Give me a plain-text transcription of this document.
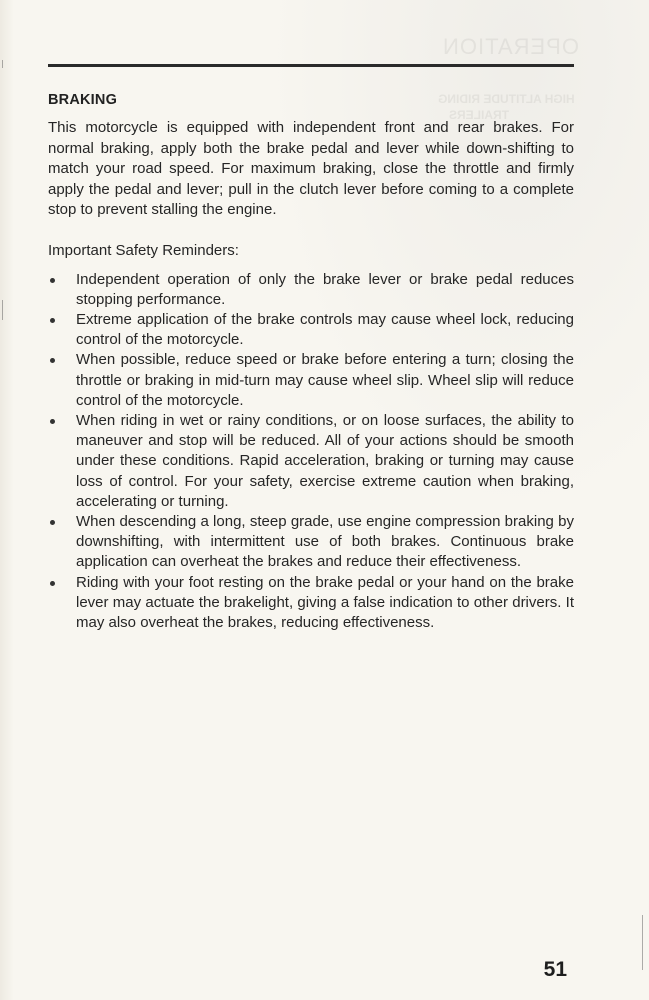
OPERATION
HIGH ALTITUDE RIDING
TRAILERS
BRAKING

This motorcycle is equipped with independent front and rear brakes. For normal braking, apply both the brake pedal and lever while down-shifting to match your road speed. For maximum braking, close the throttle and firmly apply the pedal and lever; pull in the clutch lever before coming to a complete stop to prevent stalling the engine.

Important Safety Reminders:

Independent operation of only the brake lever or brake pedal reduces stopping performance.
Extreme application of the brake controls may cause wheel lock, reducing control of the motorcycle.
When possible, reduce speed or brake before entering a turn; closing the throttle or braking in mid-turn may cause wheel slip. Wheel slip will reduce control of the motorcycle.
When riding in wet or rainy conditions, or on loose surfaces, the ability to maneuver and stop will be reduced. All of your actions should be smooth under these conditions. Rapid acceleration, braking or turning may cause loss of control. For your safety, exercise extreme caution when braking, accelerating or turning.
When descending a long, steep grade, use engine compression braking by downshifting, with intermittent use of both brakes. Continuous brake application can overheat the brakes and reduce their effectiveness.
Riding with your foot resting on the brake pedal or your hand on the brake lever may actuate the brakelight, giving a false indication to other drivers. It may also overheat the brakes, reducing effectiveness.
51
